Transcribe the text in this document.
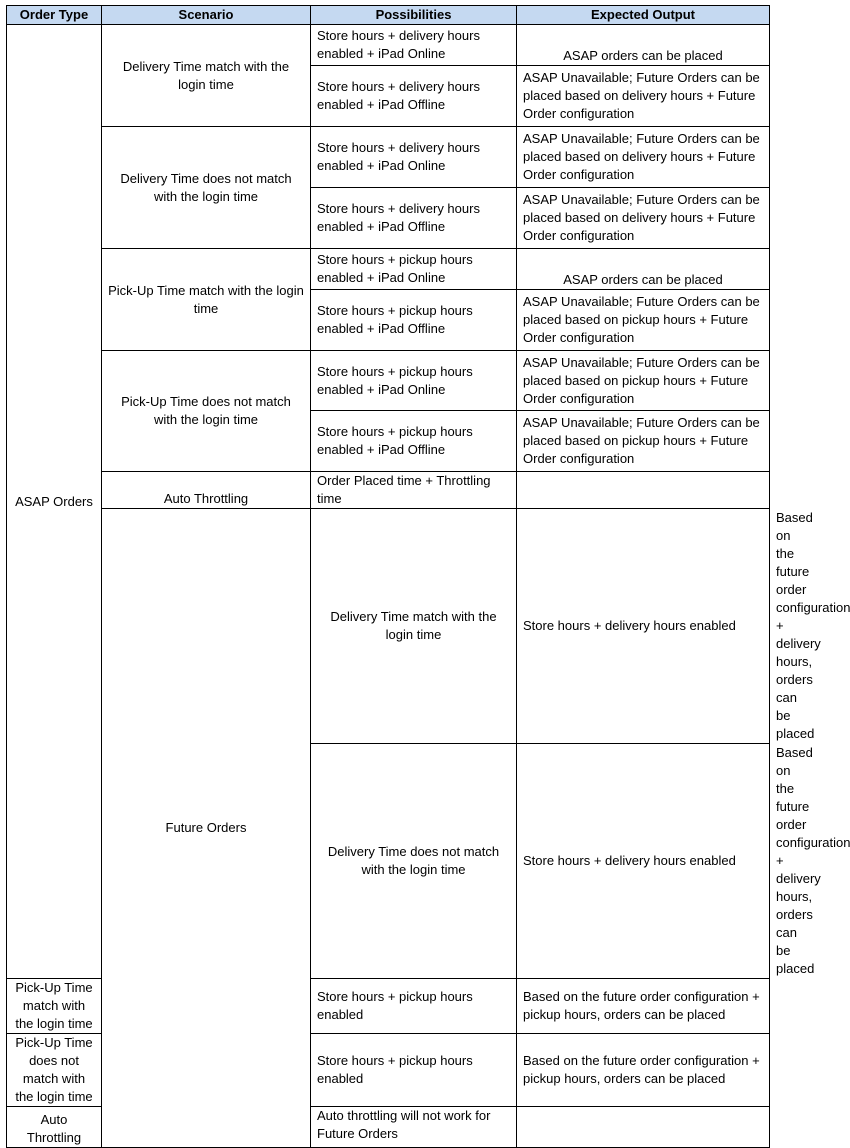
Order Type	Scenario	Possibilities	Expected Output	
ASAP Orders	Delivery Time match with the login time	Store hours + delivery hours enabled + iPad Online	ASAP orders can be placed	
		Store hours + delivery hours enabled + iPad Offline	ASAP Unavailable; Future Orders can be placed based on delivery hours + Future Order configuration	
	Delivery Time does not match with the login time	Store hours + delivery hours enabled + iPad Online	ASAP Unavailable; Future Orders can be placed based on delivery hours + Future Order configuration	
		Store hours + delivery hours enabled + iPad Offline	ASAP Unavailable; Future Orders can be placed based on delivery hours + Future Order configuration	
	Pick-Up Time match with the login time	Store hours + pickup hours enabled + iPad Online	ASAP orders can be placed	
		Store hours + pickup hours enabled + iPad Offline	ASAP Unavailable; Future Orders can be placed based on pickup hours + Future Order configuration	
	Pick-Up Time does not match with the login time	Store hours + pickup hours enabled + iPad Online	ASAP Unavailable; Future Orders can be placed based on pickup hours + Future Order configuration	
		Store hours + pickup hours enabled + iPad Offline	ASAP Unavailable; Future Orders can be placed based on pickup hours + Future Order configuration	
	Auto Throttling	Order Placed time + Throttling time		
	Future Orders	Delivery Time match with the login time	Store hours + delivery hours enabled	Based on the future order configuration + delivery hours, orders can be placed
		Delivery Time does not match with the login time	Store hours + delivery hours enabled	Based on the future order configuration + delivery hours, orders can be placed
Pick-Up Time match with the login time		Store hours + pickup hours enabled	Based on the future order configuration + pickup hours, orders can be placed	
Pick-Up Time does not match with the login time		Store hours + pickup hours enabled	Based on the future order configuration + pickup hours, orders can be placed	
Auto Throttling		Auto throttling will not work for Future Orders		
